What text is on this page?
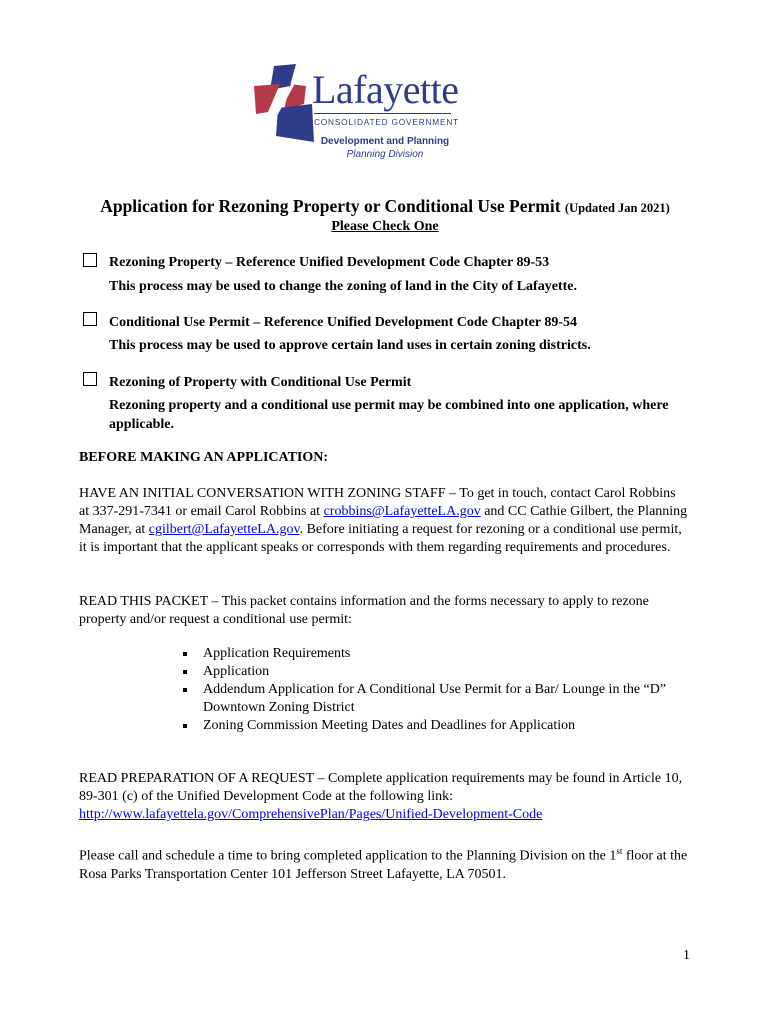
Lafayette
CONSOLIDATED GOVERNMENT
Development and Planning
Planning Division
Application for Rezoning Property or Conditional Use Permit (Updated Jan 2021)
Please Check One
Rezoning Property – Reference Unified Development Code Chapter 89-53
This process may be used to change the zoning of land in the City of Lafayette.
Conditional Use Permit – Reference Unified Development Code Chapter 89-54
This process may be used to approve certain land uses in certain zoning districts.
Rezoning of Property with Conditional Use Permit
Rezoning property and a conditional use permit may be combined into one application, where applicable.
BEFORE MAKING AN APPLICATION:
HAVE AN INITIAL CONVERSATION WITH ZONING STAFF – To get in touch, contact Carol Robbins at 337-291-7341 or email Carol Robbins at crobbins@LafayetteLA.gov and CC Cathie Gilbert, the Planning Manager, at cgilbert@LafayetteLA.gov. Before initiating a request for rezoning or a conditional use permit, it is important that the applicant speaks or corresponds with them regarding requirements and procedures.
READ THIS PACKET – This packet contains information and the forms necessary to apply to rezone property and/or request a conditional use permit:
Application Requirements
Application
Addendum Application for A Conditional Use Permit for a Bar/ Lounge in the “D” Downtown Zoning District
Zoning Commission Meeting Dates and Deadlines for Application
READ PREPARATION OF A REQUEST – Complete application requirements may be found in Article 10, 89-301 (c) of the Unified Development Code at the following link:
http://www.lafayettela.gov/ComprehensivePlan/Pages/Unified-Development-Code
Please call and schedule a time to bring completed application to the Planning Division on the 1st floor at the Rosa Parks Transportation Center 101 Jefferson Street Lafayette, LA 70501.
1
